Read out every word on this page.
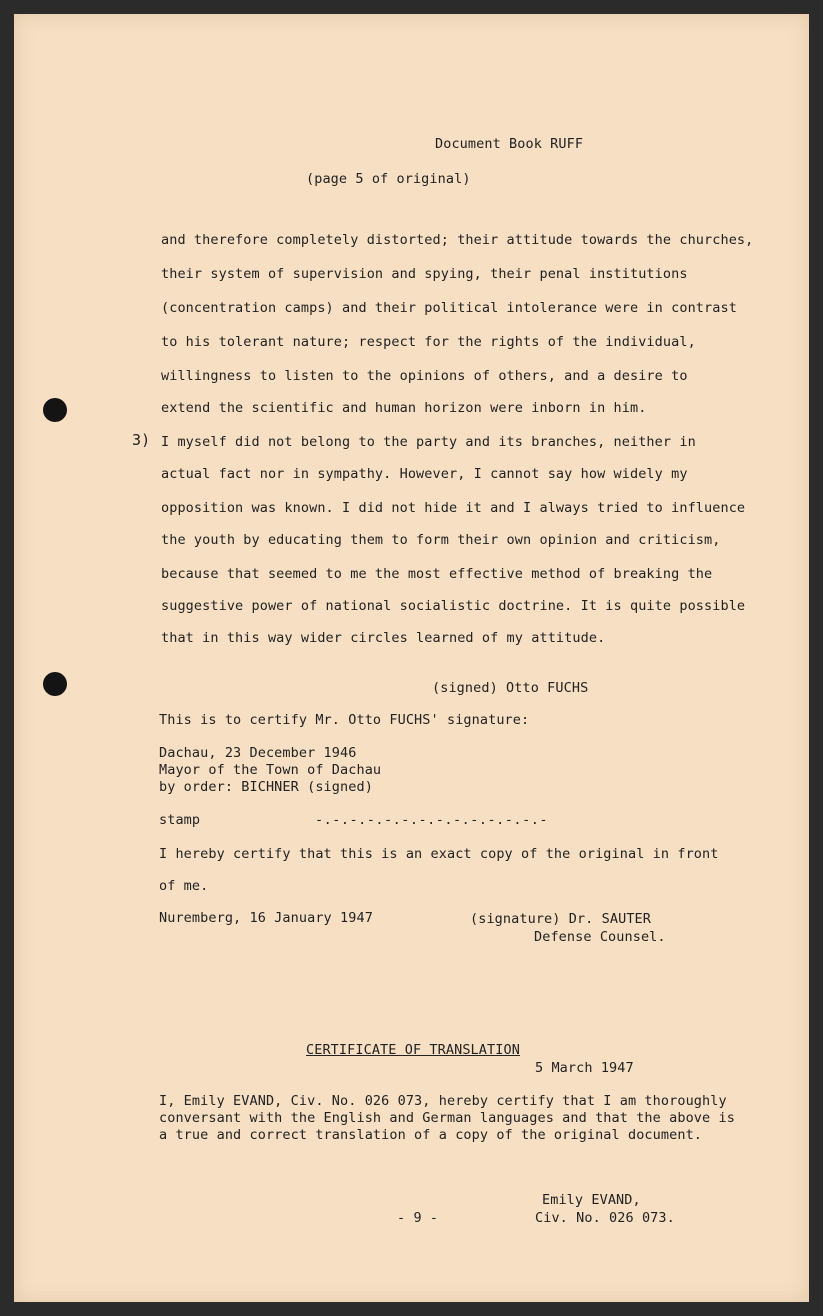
Document Book RUFF
(page 5 of original)
and therefore completely distorted; their attitude towards the churches,
their system of supervision and spying, their penal institutions
(concentration camps) and their political intolerance were in contrast
to his tolerant nature; respect for the rights of the individual,
willingness to listen to the opinions of others, and a desire to
extend the scientific and human horizon were inborn in him.
3) I myself did not belong to the party and its branches, neither in
actual fact nor in sympathy. However, I cannot say how widely my
opposition was known. I did not hide it and I always tried to influence
the youth by educating them to form their own opinion and criticism,
because that seemed to me the most effective method of breaking the
suggestive power of national socialistic doctrine. It is quite possible
that in this way wider circles learned of my attitude.
(signed) Otto FUCHS
This is to certify Mr. Otto FUCHS' signature:
Dachau, 23 December 1946
Mayor of the Town of Dachau
by order: BICHNER (signed)
stamp	-.-.-.-.-.-.-.-.-.-.-.-.-.-
I hereby certify that this is an exact copy of the original in front
of me.
Nuremberg, 16 January 1947	(signature) Dr. SAUTER
Defense Counsel.
CERTIFICATE OF TRANSLATION
5 March 1947
I, Emily EVAND, Civ. No. 026 073, hereby certify that I am thoroughly
conversant with the English and German languages and that the above is
a true and correct translation of a copy of the original document.
Emily EVAND,
- 9 -	Civ. No. 026 073.
